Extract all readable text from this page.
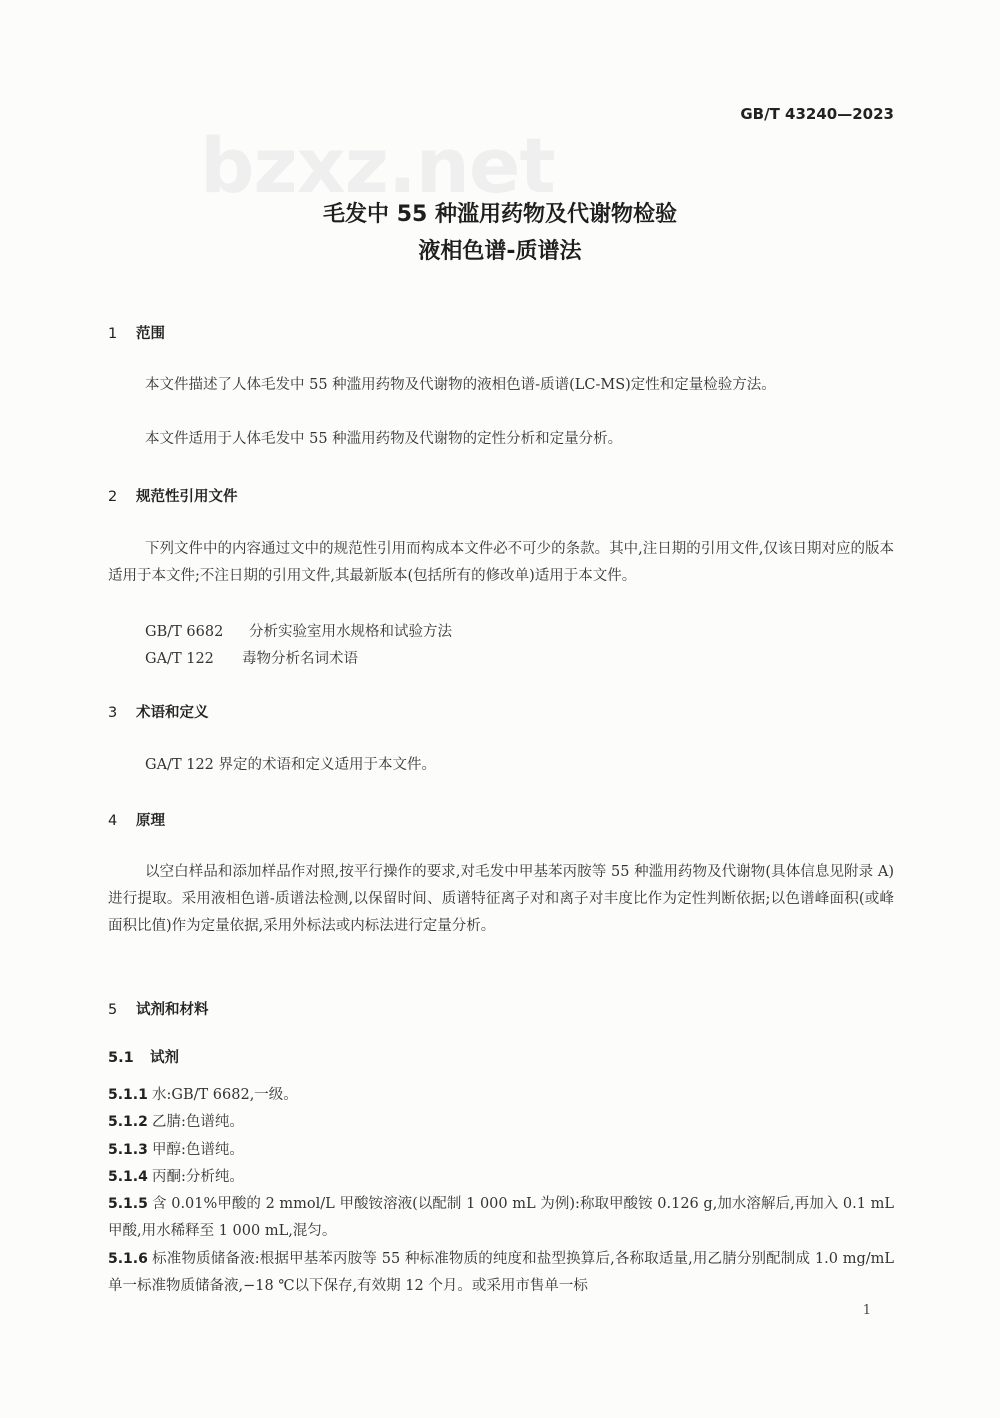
bzxz.net
GB/T 43240—2023
毛发中 55 种滥用药物及代谢物检验
液相色谱-质谱法
1 范围
本文件描述了人体毛发中 55 种滥用药物及代谢物的液相色谱-质谱(LC-MS)定性和定量检验方法。
本文件适用于人体毛发中 55 种滥用药物及代谢物的定性分析和定量分析。
2 规范性引用文件
下列文件中的内容通过文中的规范性引用而构成本文件必不可少的条款。其中,注日期的引用文件,仅该日期对应的版本适用于本文件;不注日期的引用文件,其最新版本(包括所有的修改单)适用于本文件。
GB/T 6682 分析实验室用水规格和试验方法
GA/T 122 毒物分析名词术语
3 术语和定义
GA/T 122 界定的术语和定义适用于本文件。
4 原理
以空白样品和添加样品作对照,按平行操作的要求,对毛发中甲基苯丙胺等 55 种滥用药物及代谢物(具体信息见附录 A)进行提取。采用液相色谱-质谱法检测,以保留时间、质谱特征离子对和离子对丰度比作为定性判断依据;以色谱峰面积(或峰面积比值)作为定量依据,采用外标法或内标法进行定量分析。
5 试剂和材料
5.1 试剂
5.1.1 水:GB/T 6682,一级。
5.1.2 乙腈:色谱纯。
5.1.3 甲醇:色谱纯。
5.1.4 丙酮:分析纯。
5.1.5 含 0.01%甲酸的 2 mmol/L 甲酸铵溶液(以配制 1 000 mL 为例):称取甲酸铵 0.126 g,加水溶解后,再加入 0.1 mL 甲酸,用水稀释至 1 000 mL,混匀。
5.1.6 标准物质储备液:根据甲基苯丙胺等 55 种标准物质的纯度和盐型换算后,各称取适量,用乙腈分别配制成 1.0 mg/mL 单一标准物质储备液,−18 ℃以下保存,有效期 12 个月。或采用市售单一标
1
